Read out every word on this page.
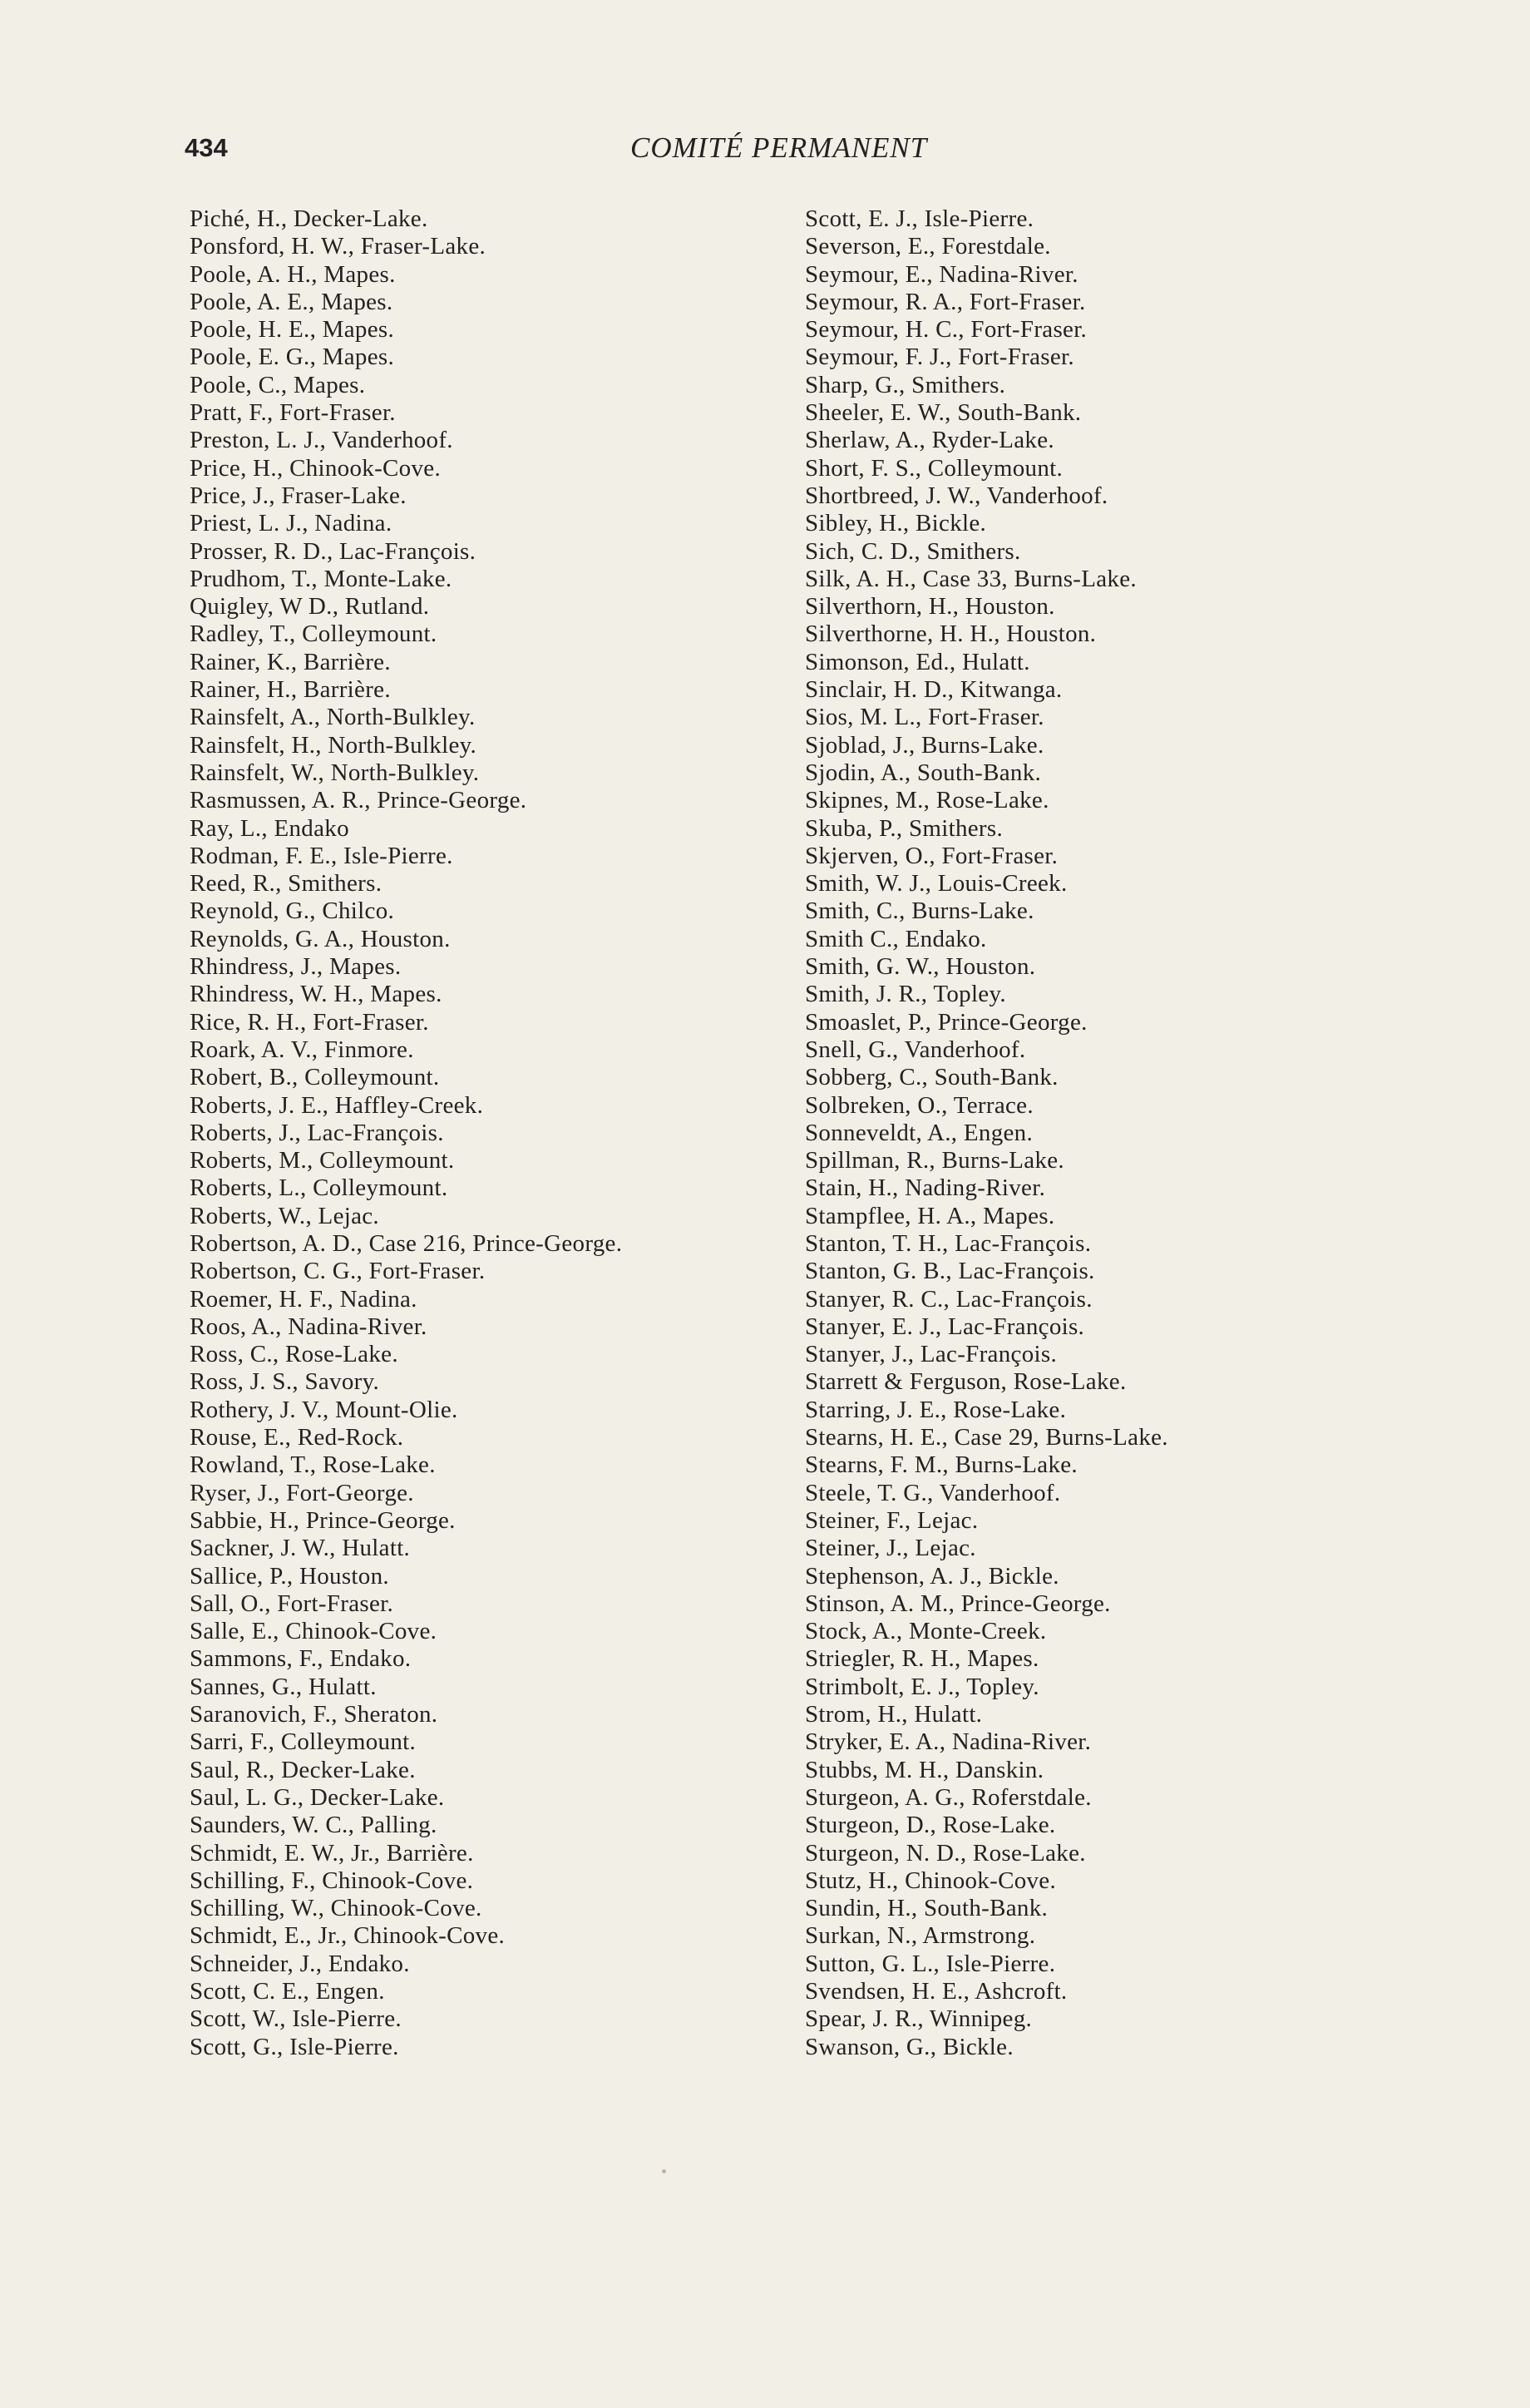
434	COMITÉ PERMANENT
Piché, H., Decker-Lake.
Ponsford, H. W., Fraser-Lake.
Poole, A. H., Mapes.
Poole, A. E., Mapes.
Poole, H. E., Mapes.
Poole, E. G., Mapes.
Poole, C., Mapes.
Pratt, F., Fort-Fraser.
Preston, L. J., Vanderhoof.
Price, H., Chinook-Cove.
Price, J., Fraser-Lake.
Priest, L. J., Nadina.
Prosser, R. D., Lac-François.
Prudhom, T., Monte-Lake.
Quigley, W D., Rutland.
Radley, T., Colleymount.
Rainer, K., Barrière.
Rainer, H., Barrière.
Rainsfelt, A., North-Bulkley.
Rainsfelt, H., North-Bulkley.
Rainsfelt, W., North-Bulkley.
Rasmussen, A. R., Prince-George.
Ray, L., Endako
Rodman, F. E., Isle-Pierre.
Reed, R., Smithers.
Reynold, G., Chilco.
Reynolds, G. A., Houston.
Rhindress, J., Mapes.
Rhindress, W. H., Mapes.
Rice, R. H., Fort-Fraser.
Roark, A. V., Finmore.
Robert, B., Colleymount.
Roberts, J. E., Haffley-Creek.
Roberts, J., Lac-François.
Roberts, M., Colleymount.
Roberts, L., Colleymount.
Roberts, W., Lejac.
Robertson, A. D., Case 216, Prince-George.
Robertson, C. G., Fort-Fraser.
Roemer, H. F., Nadina.
Roos, A., Nadina-River.
Ross, C., Rose-Lake.
Ross, J. S., Savory.
Rothery, J. V., Mount-Olie.
Rouse, E., Red-Rock.
Rowland, T., Rose-Lake.
Ryser, J., Fort-George.
Sabbie, H., Prince-George.
Sackner, J. W., Hulatt.
Sallice, P., Houston.
Sall, O., Fort-Fraser.
Salle, E., Chinook-Cove.
Sammons, F., Endako.
Sannes, G., Hulatt.
Saranovich, F., Sheraton.
Sarri, F., Colleymount.
Saul, R., Decker-Lake.
Saul, L. G., Decker-Lake.
Saunders, W. C., Palling.
Schmidt, E. W., Jr., Barrière.
Schilling, F., Chinook-Cove.
Schilling, W., Chinook-Cove.
Schmidt, E., Jr., Chinook-Cove.
Schneider, J., Endako.
Scott, C. E., Engen.
Scott, W., Isle-Pierre.
Scott, G., Isle-Pierre.
Scott, E. J., Isle-Pierre.
Severson, E., Forestdale.
Seymour, E., Nadina-River.
Seymour, R. A., Fort-Fraser.
Seymour, H. C., Fort-Fraser.
Seymour, F. J., Fort-Fraser.
Sharp, G., Smithers.
Sheeler, E. W., South-Bank.
Sherlaw, A., Ryder-Lake.
Short, F. S., Colleymount.
Shortbreed, J. W., Vanderhoof.
Sibley, H., Bickle.
Sich, C. D., Smithers.
Silk, A. H., Case 33, Burns-Lake.
Silverthorn, H., Houston.
Silverthorne, H. H., Houston.
Simonson, Ed., Hulatt.
Sinclair, H. D., Kitwanga.
Sios, M. L., Fort-Fraser.
Sjoblad, J., Burns-Lake.
Sjodin, A., South-Bank.
Skipnes, M., Rose-Lake.
Skuba, P., Smithers.
Skjerven, O., Fort-Fraser.
Smith, W. J., Louis-Creek.
Smith, C., Burns-Lake.
Smith C., Endako.
Smith, G. W., Houston.
Smith, J. R., Topley.
Smoaslet, P., Prince-George.
Snell, G., Vanderhoof.
Sobberg, C., South-Bank.
Solbreken, O., Terrace.
Sonneveldt, A., Engen.
Spillman, R., Burns-Lake.
Stain, H., Nading-River.
Stampflee, H. A., Mapes.
Stanton, T. H., Lac-François.
Stanton, G. B., Lac-François.
Stanyer, R. C., Lac-François.
Stanyer, E. J., Lac-François.
Stanyer, J., Lac-François.
Starrett & Ferguson, Rose-Lake.
Starring, J. E., Rose-Lake.
Stearns, H. E., Case 29, Burns-Lake.
Stearns, F. M., Burns-Lake.
Steele, T. G., Vanderhoof.
Steiner, F., Lejac.
Steiner, J., Lejac.
Stephenson, A. J., Bickle.
Stinson, A. M., Prince-George.
Stock, A., Monte-Creek.
Striegler, R. H., Mapes.
Strimbolt, E. J., Topley.
Strom, H., Hulatt.
Stryker, E. A., Nadina-River.
Stubbs, M. H., Danskin.
Sturgeon, A. G., Roferstdale.
Sturgeon, D., Rose-Lake.
Sturgeon, N. D., Rose-Lake.
Stutz, H., Chinook-Cove.
Sundin, H., South-Bank.
Surkan, N., Armstrong.
Sutton, G. L., Isle-Pierre.
Svendsen, H. E., Ashcroft.
Spear, J. R., Winnipeg.
Swanson, G., Bickle.
